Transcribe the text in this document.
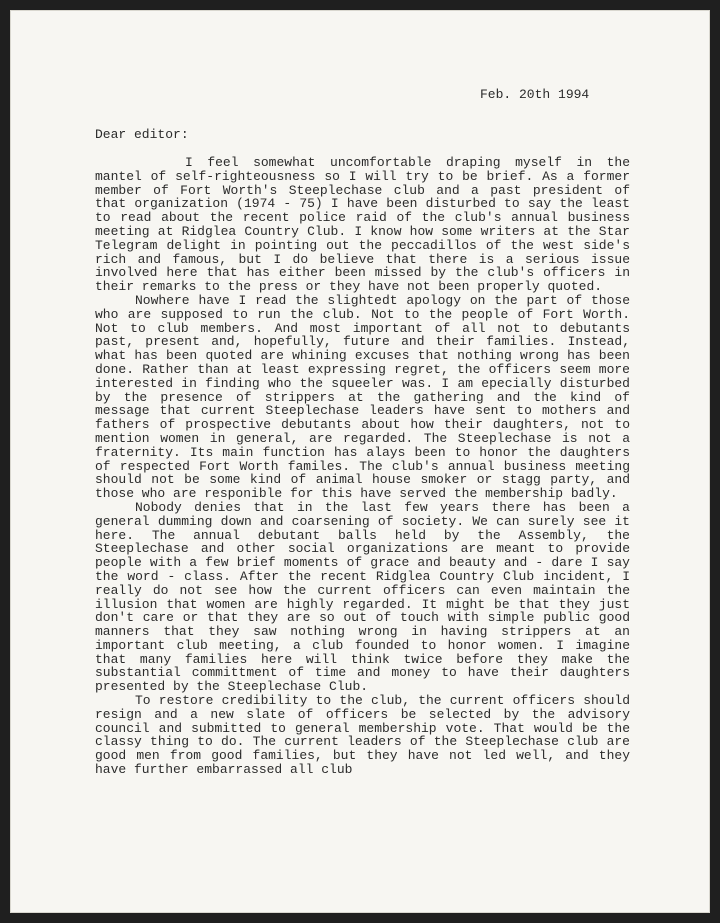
Feb. 20th 1994
Dear editor:

I feel somewhat uncomfortable draping myself in the mantel of self-righteousness so I will try to be brief. As a former member of Fort Worth's Steeplechase club and a past president of that organization (1974 - 75) I have been disturbed to say the least to read about the recent police raid of the club's annual business meeting at Ridglea Country Club. I know how some writers at the Star Telegram delight in pointing out the peccadillos of the west side's rich and famous, but I do believe that there is a serious issue involved here that has either been missed by the club's officers in their remarks to the press or they have not been properly quoted.

Nowhere have I read the slightedt apology on the part of those who are supposed to run the club. Not to the people of Fort Worth. Not to club members. And most important of all not to debutants past, present and, hopefully, future and their families. Instead, what has been quoted are whining excuses that nothing wrong has been done. Rather than at least expressing regret, the officers seem more interested in finding who the squeeler was. I am epecially disturbed by the presence of strippers at the gathering and the kind of message that current Steeplechase leaders have sent to mothers and fathers of prospective debutants about how their daughters, not to mention women in general, are regarded. The Steeplechase is not a fraternity. Its main function has alays been to honor the daughters of respected Fort Worth familes. The club's annual business meeting should not be some kind of animal house smoker or stagg party, and those who are responible for this have served the membership badly.

Nobody denies that in the last few years there has been a general dumming down and coarsening of society. We can surely see it here. The annual debutant balls held by the Assembly, the Steeplechase and other social organizations are meant to provide people with a few brief moments of grace and beauty and - dare I say the word - class. After the recent Ridglea Country Club incident, I really do not see how the current officers can even maintain the illusion that women are highly regarded. It might be that they just don't care or that they are so out of touch with simple public good manners that they saw nothing wrong in having strippers at an important club meeting, a club founded to honor women. I imagine that many families here will think twice before they make the substantial committment of time and money to have their daughters presented by the Steeplechase Club.

To restore credibility to the club, the current officers should resign and a new slate of officers be selected by the advisory council and submitted to general membership vote. That would be the classy thing to do. The current leaders of the Steeplechase club are good men from good families, but they have not led well, and they have further embarrassed all club
